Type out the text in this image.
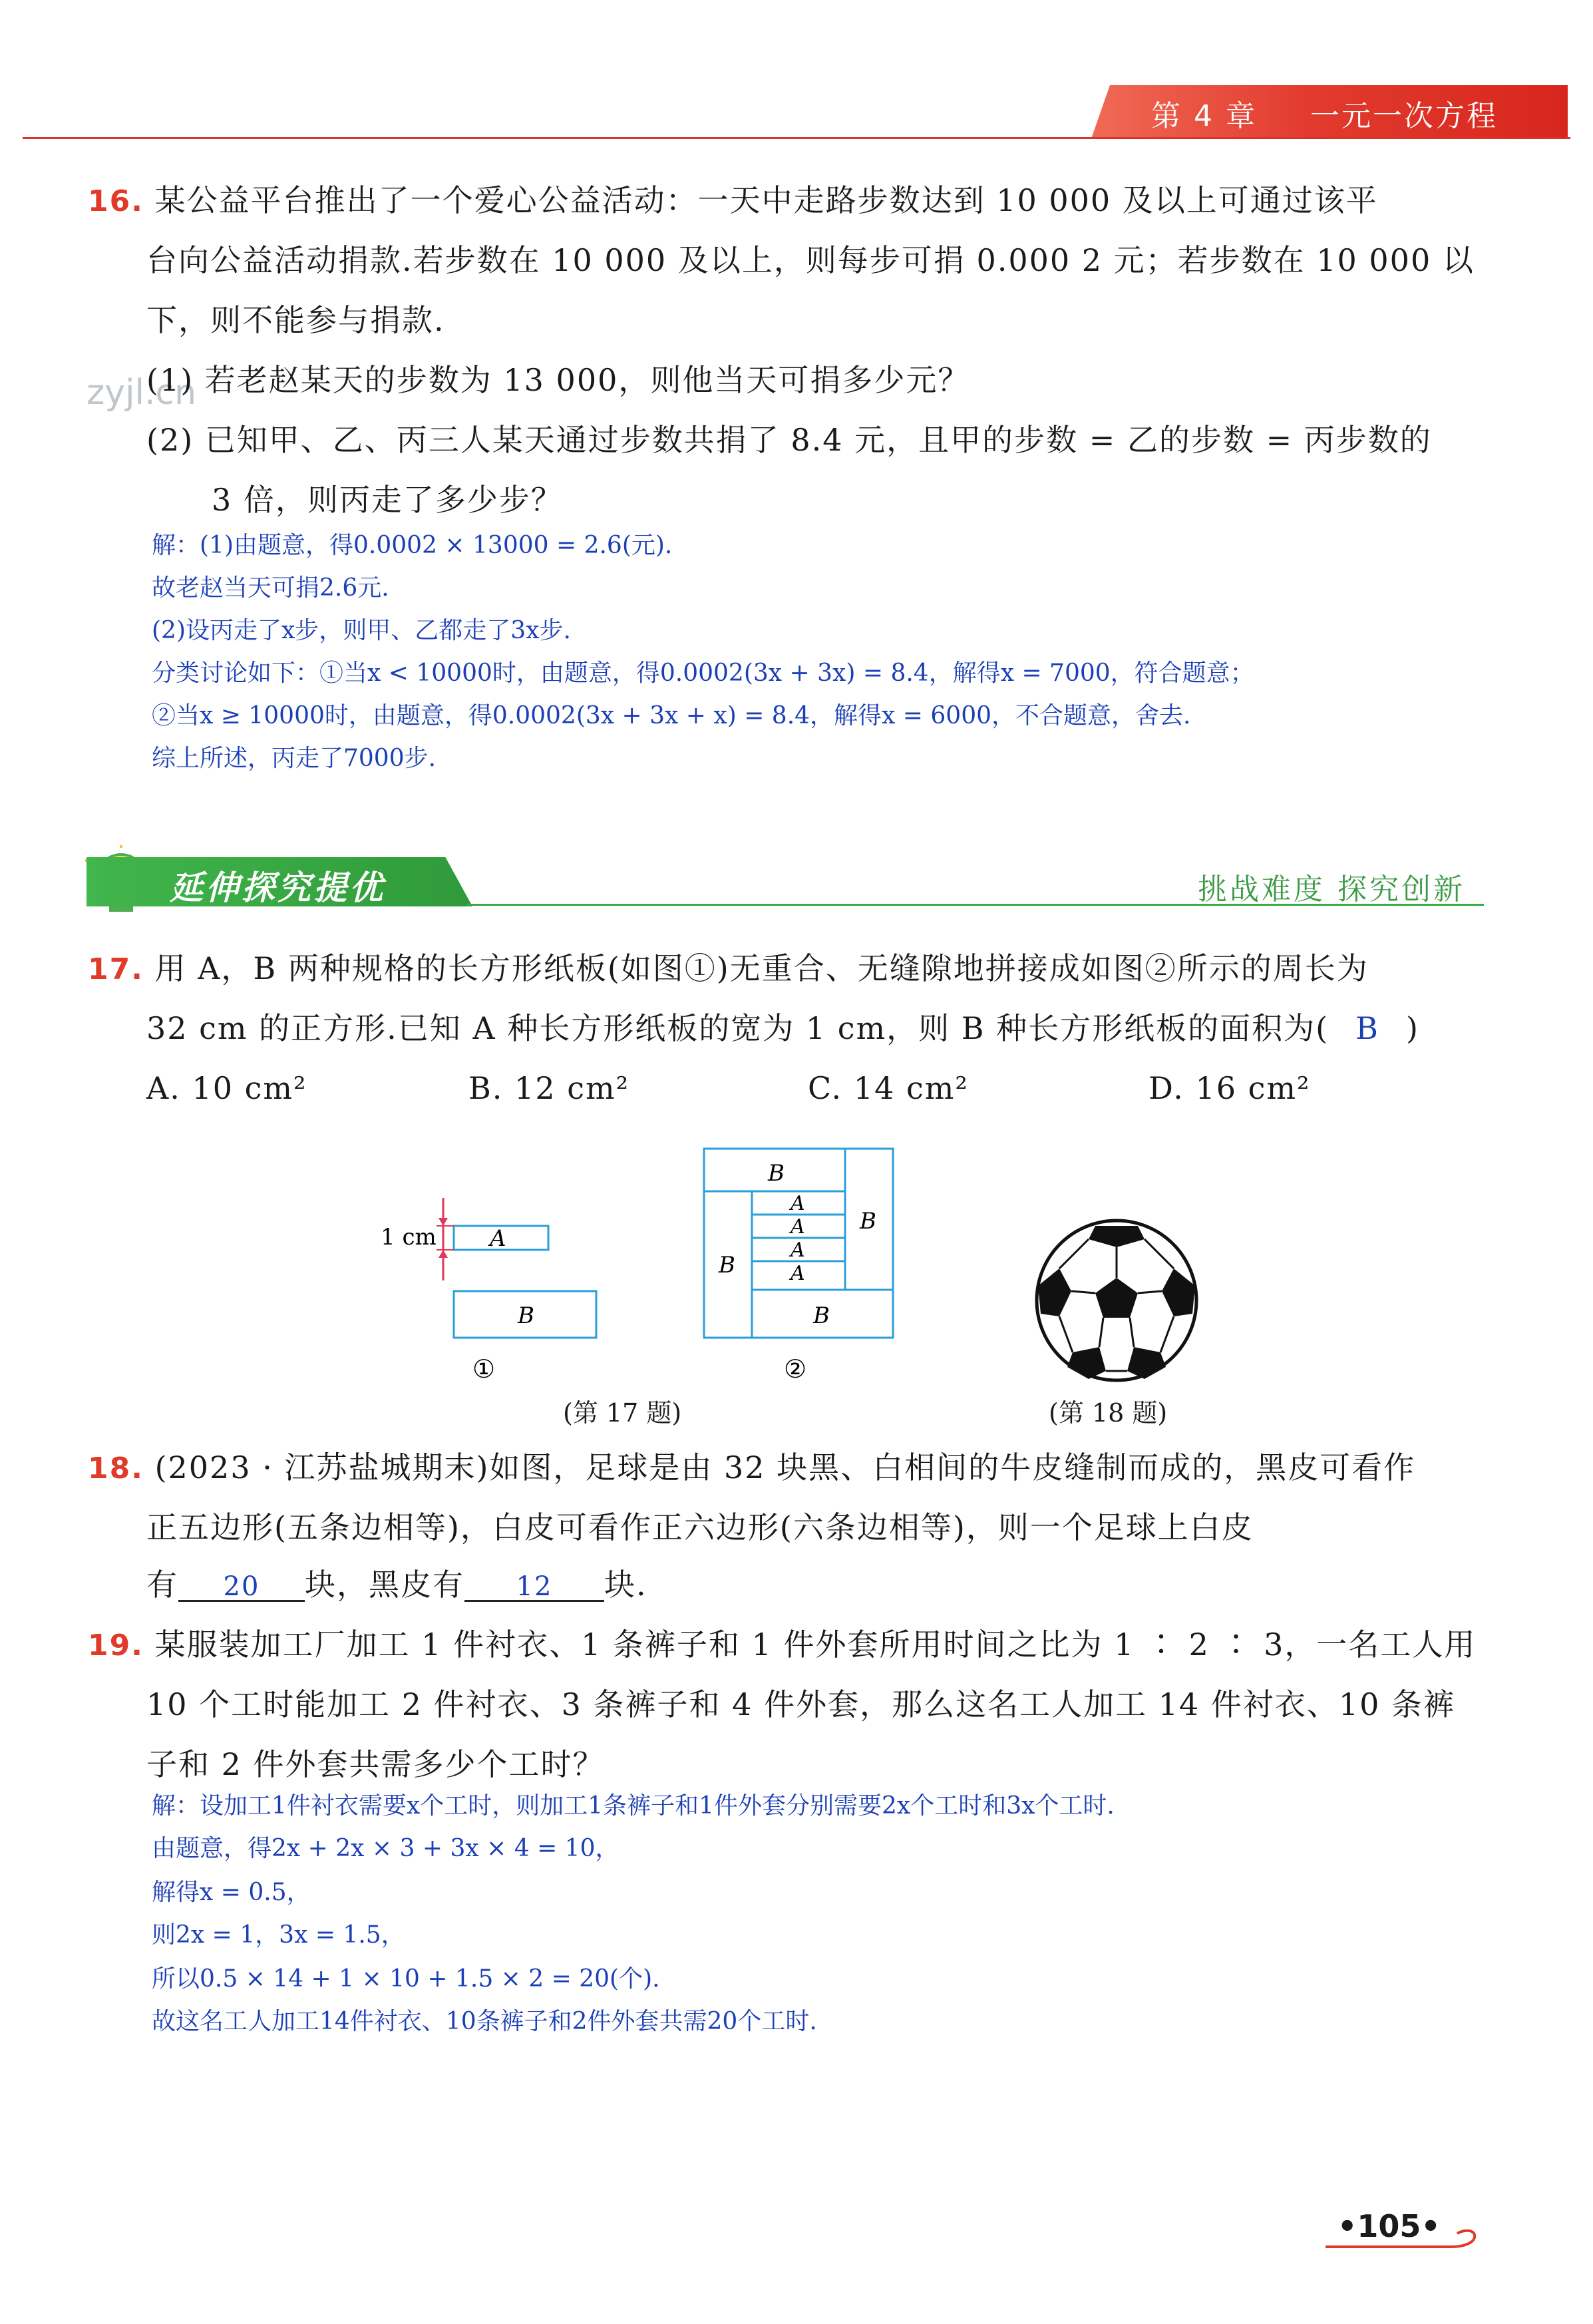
第 4 章 一元一次方程
zyjl.cn
16. 某公益平台推出了一个爱心公益活动：一天中走路步数达到 10 000 及以上可通过该平
台向公益活动捐款.若步数在 10 000 及以上，则每步可捐 0.000 2 元；若步数在 10 000 以
下，则不能参与捐款.
(1) 若老赵某天的步数为 13 000，则他当天可捐多少元？
(2) 已知甲、乙、丙三人某天通过步数共捐了 8.4 元，且甲的步数 = 乙的步数 = 丙步数的
3 倍，则丙走了多少步？
解：(1)由题意，得0.0002 × 13000 = 2.6(元).
故老赵当天可捐2.6元.
(2)设丙走了x步，则甲、乙都走了3x步.
分类讨论如下：①当x < 10000时，由题意，得0.0002(3x + 3x) = 8.4，解得x = 7000，符合题意；
②当x ≥ 10000时，由题意，得0.0002(3x + 3x + x) = 8.4，解得x = 6000，不合题意，舍去.
综上所述，丙走了7000步.
延伸探究提优	挑战难度 探究创新
17. 用 A，B 两种规格的长方形纸板(如图①)无重合、无缝隙地拼接成如图②所示的周长为
32 cm 的正方形.已知 A 种长方形纸板的宽为 1 cm，则 B 种长方形纸板的面积为( B )
A. 10 cm²	B. 12 cm²	C. 14 cm²	D. 16 cm²
A
1 cm
B
①
B
B
B
B
A
A
A
A
②
(第 17 题)	(第 18 题)
18. (2023 · 江苏盐城期末)如图，足球是由 32 块黑、白相间的牛皮缝制而成的，黑皮可看作
正五边形(五条边相等)，白皮可看作正六边形(六条边相等)，则一个足球上白皮
有 20 块，黑皮有 12 块.
19. 某服装加工厂加工 1 件衬衣、1 条裤子和 1 件外套所用时间之比为 1 ∶ 2 ∶ 3，一名工人用
10 个工时能加工 2 件衬衣、3 条裤子和 4 件外套，那么这名工人加工 14 件衬衣、10 条裤
子和 2 件外套共需多少个工时？
解：设加工1件衬衣需要x个工时，则加工1条裤子和1件外套分别需要2x个工时和3x个工时.
由题意，得2x + 2x × 3 + 3x × 4 = 10，
解得x = 0.5，
则2x = 1，3x = 1.5，
所以0.5 × 14 + 1 × 10 + 1.5 × 2 = 20(个).
故这名工人加工14件衬衣、10条裤子和2件外套共需20个工时.
•105•
